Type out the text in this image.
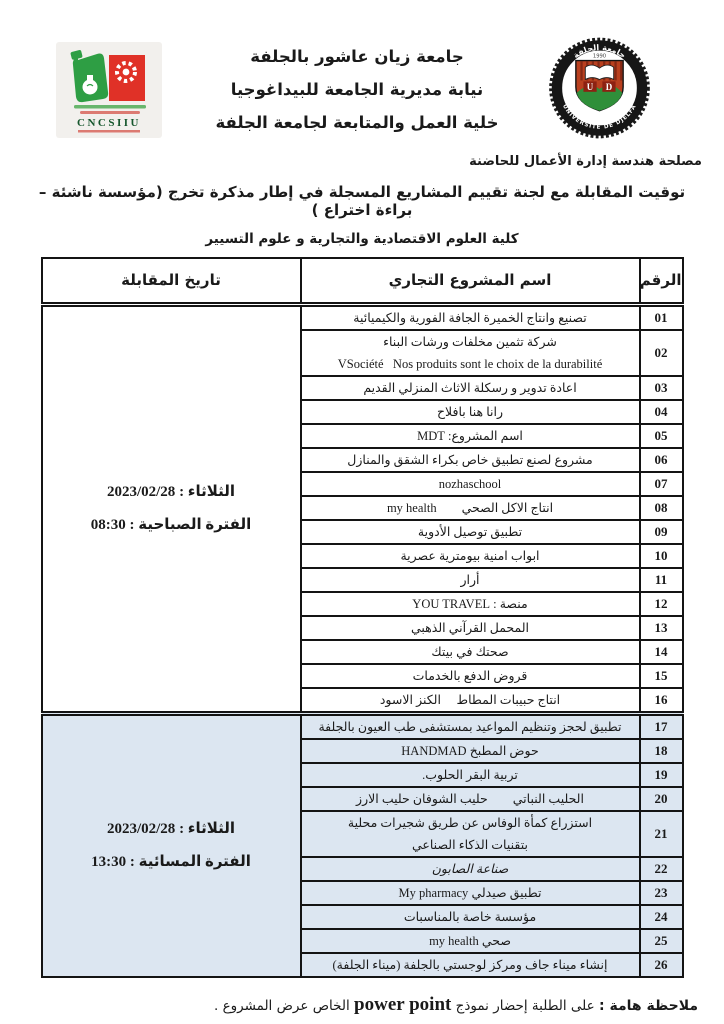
CNCSIIU
جامعة الجلفة
1990
U D
UNIVERSITE DE DJELFA
جامعة زيان عاشور بالجلفة
نيابة مديرية الجامعة للبيداغوجيا
خلية العمل والمتابعة لجامعة الجلفة
مصلحة هندسة إدارة الأعمال للحاضنة
توقيت المقابلة مع لجنة تقييم المشاريع المسجلة في إطار مذكرة تخرج (مؤسسة ناشئة – براءة اختراع )
كلية العلوم الاقتصادية والتجارية و علوم التسيير
الرقم	اسم المشروع التجاري	تاريخ المقابلة
01	تصنيع وانتاج الخميرة الجافة الفورية والكيميائية	الثلاثاء : 2023/02/28
الفترة الصباحية : 08:30

02	شركة تثمين مخلفات ورشات البناء
VSociété   Nos produits sont le choix de la durabilité	

03	اعادة تدوير و رسكلة الاثاث المنزلي القديم	

04	رانا هنا بافلاح	

05	اسم المشروع: MDT	

06	مشروع لصنع تطبيق خاص بكراء الشقق والمنازل	

07	nozhaschool	

08	انتاج الاكل الصحي        my health	

09	تطبيق توصيل الأدوية	

10	ابواب امنية بيومترية عصرية	

11	أرار	

12	منصة : YOU TRAVEL	

13	المحمل القرآني الذهبي	

14	صحتك في بيتك	

15	قروض الدفع بالخدمات	

16	انتاج حبيبات المطاط     الكنز الاسود	

17	تطبيق لحجز وتنظيم المواعيد بمستشفى طب العيون بالجلفة	الثلاثاء : 2023/02/28
الفترة المسائية : 13:30

18	حوض المطبخ HANDMAD	

19	تربية البقر الحلوب.	

20	الحليب النباتي        حليب الشوفان حليب الارز	

21	استزراع كمأة الوفاس عن طريق شجيرات محلية
بتقنيات الذكاء الصناعي	

22	صناعة الصابون	

23	تطبيق صيدلي My pharmacy	

24	مؤسسة خاصة بالمناسبات	

25	صحي my health	

26	إنشاء ميناء جاف ومركز لوجستي بالجلفة (ميناء الجلفة)	
ملاحظة هامة : على الطلبة إحضار نموذج power point الخاص عرض المشروع .
